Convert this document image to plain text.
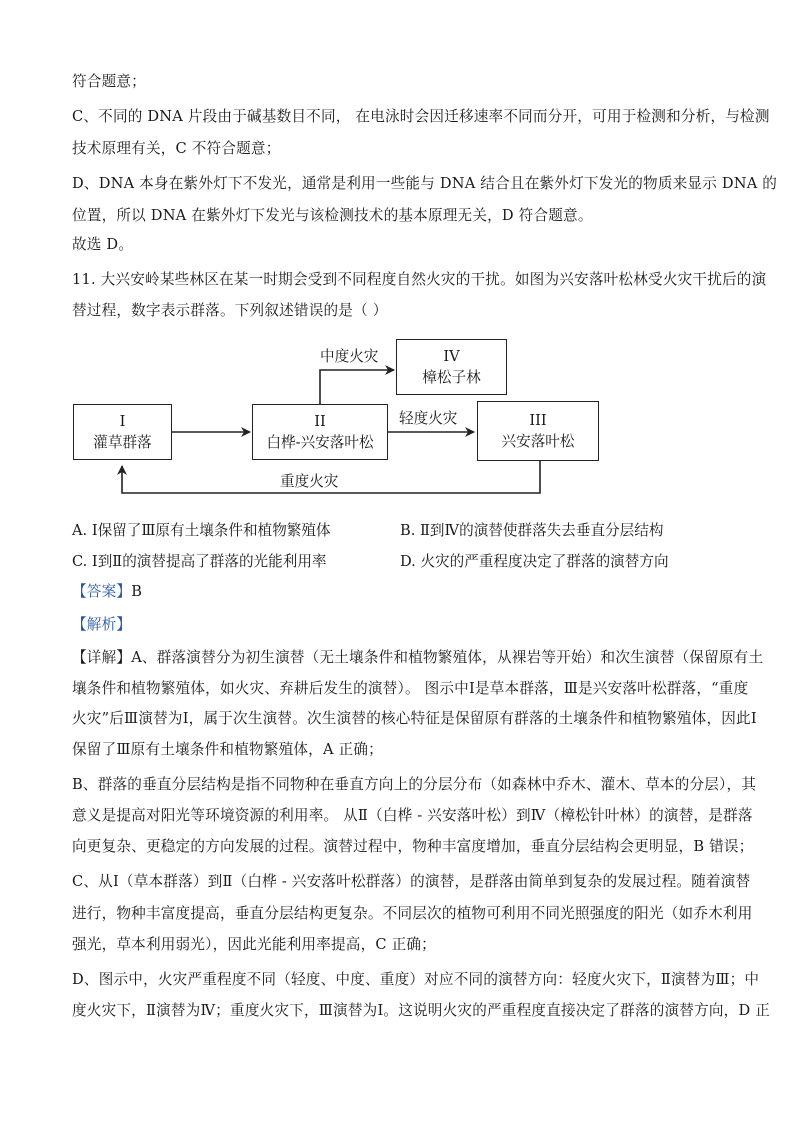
符合题意；
C、不同的 DNA 片段由于碱基数目不同， 在电泳时会因迁移速率不同而分开，可用于检测和分析，与检测
技术原理有关，C 不符合题意；
D、DNA 本身在紫外灯下不发光，通常是利用一些能与 DNA 结合且在紫外灯下发光的物质来显示 DNA 的
位置，所以 DNA 在紫外灯下发光与该检测技术的基本原理无关，D 符合题意。
故选 D。
11. 大兴安岭某些林区在某一时期会受到不同程度自然火灾的干扰。如图为兴安落叶松林受火灾干扰后的演
替过程，数字表示群落。下列叙述错误的是（ ）
I
灌草群落
II
白桦-兴安落叶松
III
兴安落叶松
IV
樟松子林
中度火灾
轻度火灾
重度火灾
A. Ⅰ保留了Ⅲ原有土壤条件和植物繁殖体	B. Ⅱ到Ⅳ的演替使群落失去垂直分层结构
C. Ⅰ到Ⅱ的演替提高了群落的光能利用率	D. 火灾的严重程度决定了群落的演替方向
【答案】B
【解析】
【详解】A、群落演替分为初生演替（无土壤条件和植物繁殖体，从裸岩等开始）和次生演替（保留原有土
壤条件和植物繁殖体，如火灾、弃耕后发生的演替）。 图示中Ⅰ是草本群落，Ⅲ是兴安落叶松群落，“重度
火灾”后Ⅲ演替为Ⅰ，属于次生演替。次生演替的核心特征是保留原有群落的土壤条件和植物繁殖体，因此Ⅰ
保留了Ⅲ原有土壤条件和植物繁殖体，A 正确；
B、群落的垂直分层结构是指不同物种在垂直方向上的分层分布（如森林中乔木、灌木、草本的分层），其
意义是提高对阳光等环境资源的利用率。 从Ⅱ（白桦 - 兴安落叶松）到Ⅳ（樟松针叶林）的演替，是群落
向更复杂、更稳定的方向发展的过程。演替过程中，物种丰富度增加，垂直分层结构会更明显，B 错误；
C、从Ⅰ（草本群落）到Ⅱ（白桦 - 兴安落叶松群落）的演替，是群落由简单到复杂的发展过程。随着演替
进行，物种丰富度提高，垂直分层结构更复杂。不同层次的植物可利用不同光照强度的阳光（如乔木利用
强光，草本利用弱光），因此光能利用率提高，C 正确；
D、图示中，火灾严重程度不同（轻度、中度、重度）对应不同的演替方向：轻度火灾下，Ⅱ演替为Ⅲ；中
度火灾下，Ⅱ演替为Ⅳ；重度火灾下，Ⅲ演替为Ⅰ。这说明火灾的严重程度直接决定了群落的演替方向，D 正
